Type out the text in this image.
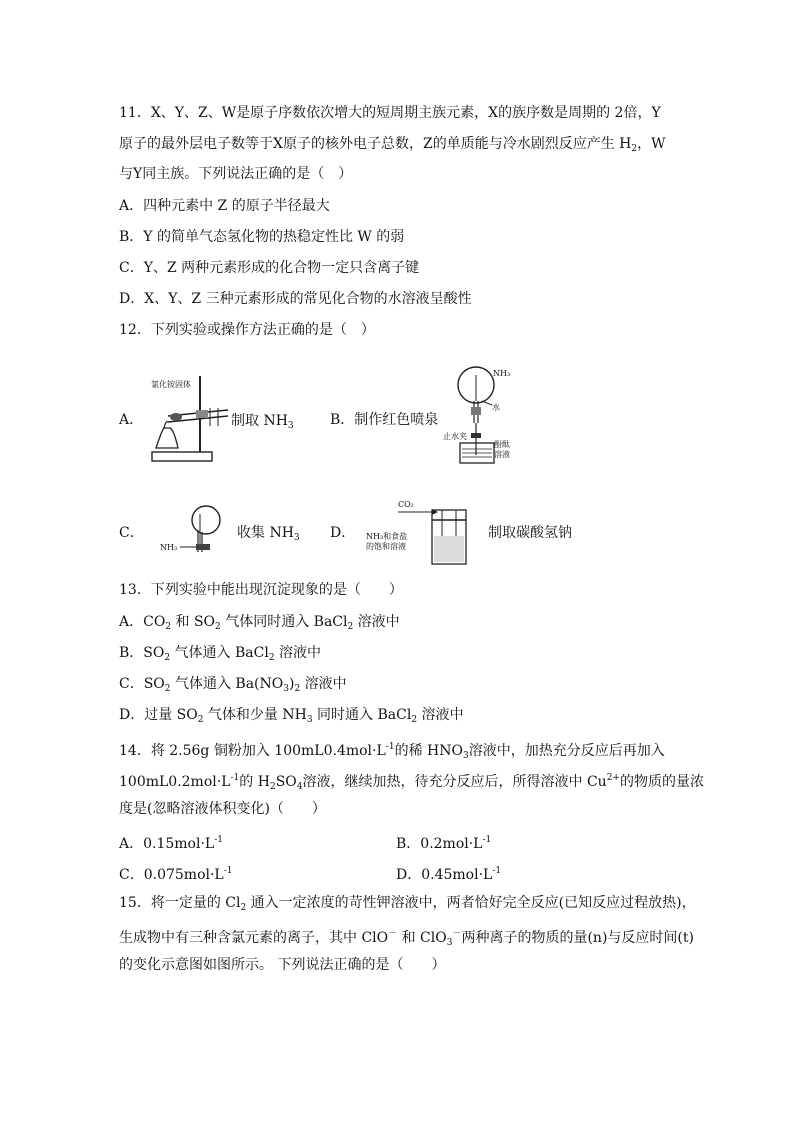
11．X、Y、Z、W是原子序数依次增大的短周期主族元素，X的族序数是周期的 2倍，Y
原子的最外层电子数等于X原子的核外电子总数，Z的单质能与冷水剧烈反应产生 $H_2$，W
与Y同主族。下列说法正确的是（　）
A．四种元素中 Z 的原子半径最大
B．Y 的简单气态氢化物的热稳定性比 W 的弱
C．Y、Z 两种元素形成的化合物一定只含离子键
D．X、Y、Z 三种元素形成的常见化合物的水溶液呈酸性
12．下列实验或操作方法正确的是（　）
A．
氯化铵固体
制取 $NH_3$	B．制作红色喷泉
NH₃
水
止水夹
酚酞
溶液
C．
NH₃
收集 $NH_3$ D．
CO₂
NH₃和食盐
的饱和溶液
制取碳酸氢钠
13．下列实验中能出现沉淀现象的是（　　）
A．$CO_2$ 和 $SO_2$ 气体同时通入 BaCl$_2$ 溶液中
B．$SO_2$ 气体通入 BaCl$_2$ 溶液中
C．$SO_2$ 气体通入 $Ba(NO_3)_2$ 溶液中
D．过量 $SO_2$ 气体和少量 $NH_3$ 同时通入 BaCl$_2$ 溶液中
14．将 2.56g 铜粉加入 $100mL0.4mol\cdot L^{-1}$的稀 $HNO_3$溶液中，加热充分反应后再加入
$100mL0.2mol\cdot L^{-1}$的 $H_2SO_4$溶液，继续加热，待充分反应后，所得溶液中 $Cu^{2+}$的物质的量浓
度是(忽略溶液体积变化)（　　）
A．$0.15mol\cdot L^{-1}$	B．$0.2mol\cdot L^{-1}$
C．$0.075mol\cdot L^{-1}$	D．$0.45mol\cdot L^{-1}$
15．将一定量的 $Cl_2$ 通入一定浓度的苛性钾溶液中，两者恰好完全反应(已知反应过程放热)，
生成物中有三种含氯元素的离子，其中 ClO－ 和 ClO$_3$－两种离子的物质的量(n)与反应时间(t)
的变化示意图如图所示。 下列说法正确的是（　　）
